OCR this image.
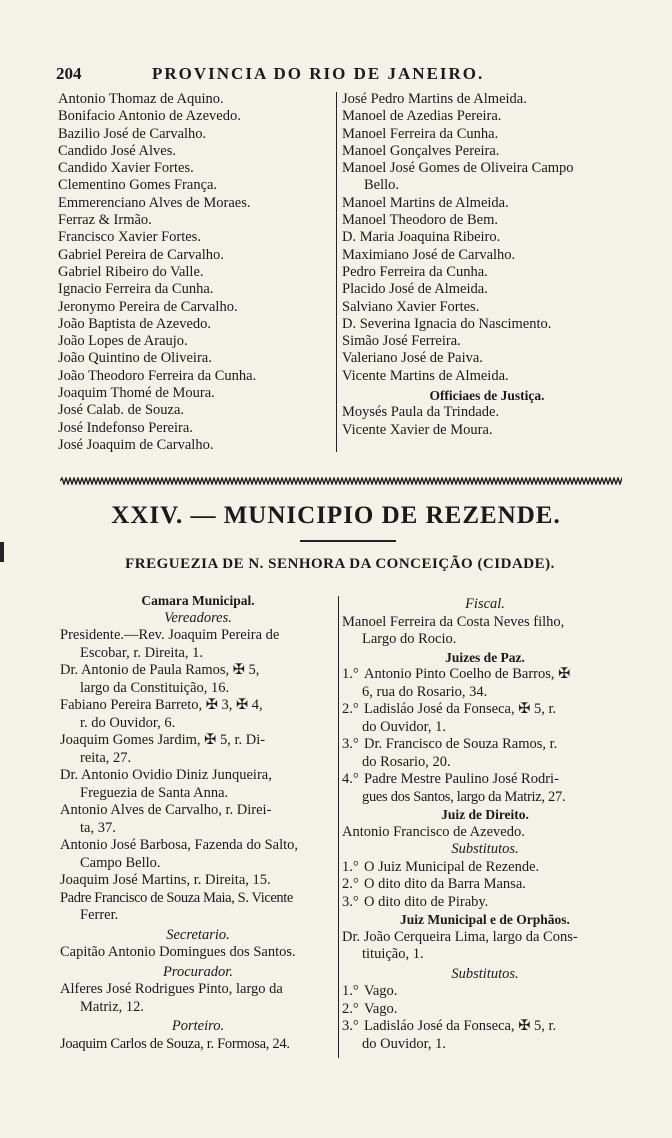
204	PROVINCIA DO RIO DE JANEIRO.
Antonio Thomaz de Aquino.
Bonifacio Antonio de Azevedo.
Bazilio José de Carvalho.
Candido José Alves.
Candido Xavier Fortes.
Clementino Gomes França.
Emmerenciano Alves de Moraes.
Ferraz & Irmão.
Francisco Xavier Fortes.
Gabriel Pereira de Carvalho.
Gabriel Ribeiro do Valle.
Ignacio Ferreira da Cunha.
Jeronymo Pereira de Carvalho.
João Baptista de Azevedo.
João Lopes de Araujo.
João Quintino de Oliveira.
João Theodoro Ferreira da Cunha.
Joaquim Thomé de Moura.
José Calab. de Souza.
José Indefonso Pereira.
José Joaquim de Carvalho.
José Pedro Martins de Almeida.
Manoel de Azedias Pereira.
Manoel Ferreira da Cunha.
Manoel Gonçalves Pereira.
Manoel José Gomes de Oliveira Campo
Bello.
Manoel Martins de Almeida.
Manoel Theodoro de Bem.
D. Maria Joaquina Ribeiro.
Maximiano José de Carvalho.
Pedro Ferreira da Cunha.
Placido José de Almeida.
Salviano Xavier Fortes.
D. Severina Ignacia do Nascimento.
Simão José Ferreira.
Valeriano José de Paiva.
Vicente Martins de Almeida.
Officiaes de Justiça.
Moysés Paula da Trindade.
Vicente Xavier de Moura.
XXIV. — MUNICIPIO DE REZENDE.
FREGUEZIA DE N. SENHORA DA CONCEIÇÃO (CIDADE).
Camara Municipal.
Vereadores.
Presidente.—Rev. Joaquim Pereira de
Escobar, r. Direita, 1.
Dr. Antonio de Paula Ramos, ✠ 5,
largo da Constituição, 16.
Fabiano Pereira Barreto, ✠ 3, ✠ 4,
r. do Ouvidor, 6.
Joaquim Gomes Jardim, ✠ 5, r. Di-
reita, 27.
Dr. Antonio Ovidio Diniz Junqueira,
Freguezia de Santa Anna.
Antonio Alves de Carvalho, r. Direi-
ta, 37.
Antonio José Barbosa, Fazenda do Salto,
Campo Bello.
Joaquim José Martins, r. Direita, 15.
Padre Francisco de Souza Maia, S. Vicente
Ferrer.
Secretario.
Capitão Antonio Domingues dos Santos.
Procurador.
Alferes José Rodrigues Pinto, largo da
Matriz, 12.
Porteiro.
Joaquim Carlos de Souza, r. Formosa, 24.
Fiscal.
Manoel Ferreira da Costa Neves filho,
Largo do Rocio.
Juizes de Paz.
1.° Antonio Pinto Coelho de Barros, ✠
6, rua do Rosario, 34.
2.° Ladisláo José da Fonseca, ✠ 5, r.
do Ouvidor, 1.
3.° Dr. Francisco de Souza Ramos, r.
do Rosario, 20.
4.° Padre Mestre Paulino José Rodri-
gues dos Santos, largo da Matriz, 27.
Juiz de Direito.
Antonio Francisco de Azevedo.
Substitutos.
1.° O Juiz Municipal de Rezende.
2.° O dito dito da Barra Mansa.
3.° O dito dito de Piraby.
Juiz Municipal e de Orphãos.
Dr. João Cerqueira Lima, largo da Cons-
tituição, 1.
Substitutos.
1.° Vago.
2.° Vago.
3.° Ladisláo José da Fonseca, ✠ 5, r.
do Ouvidor, 1.
